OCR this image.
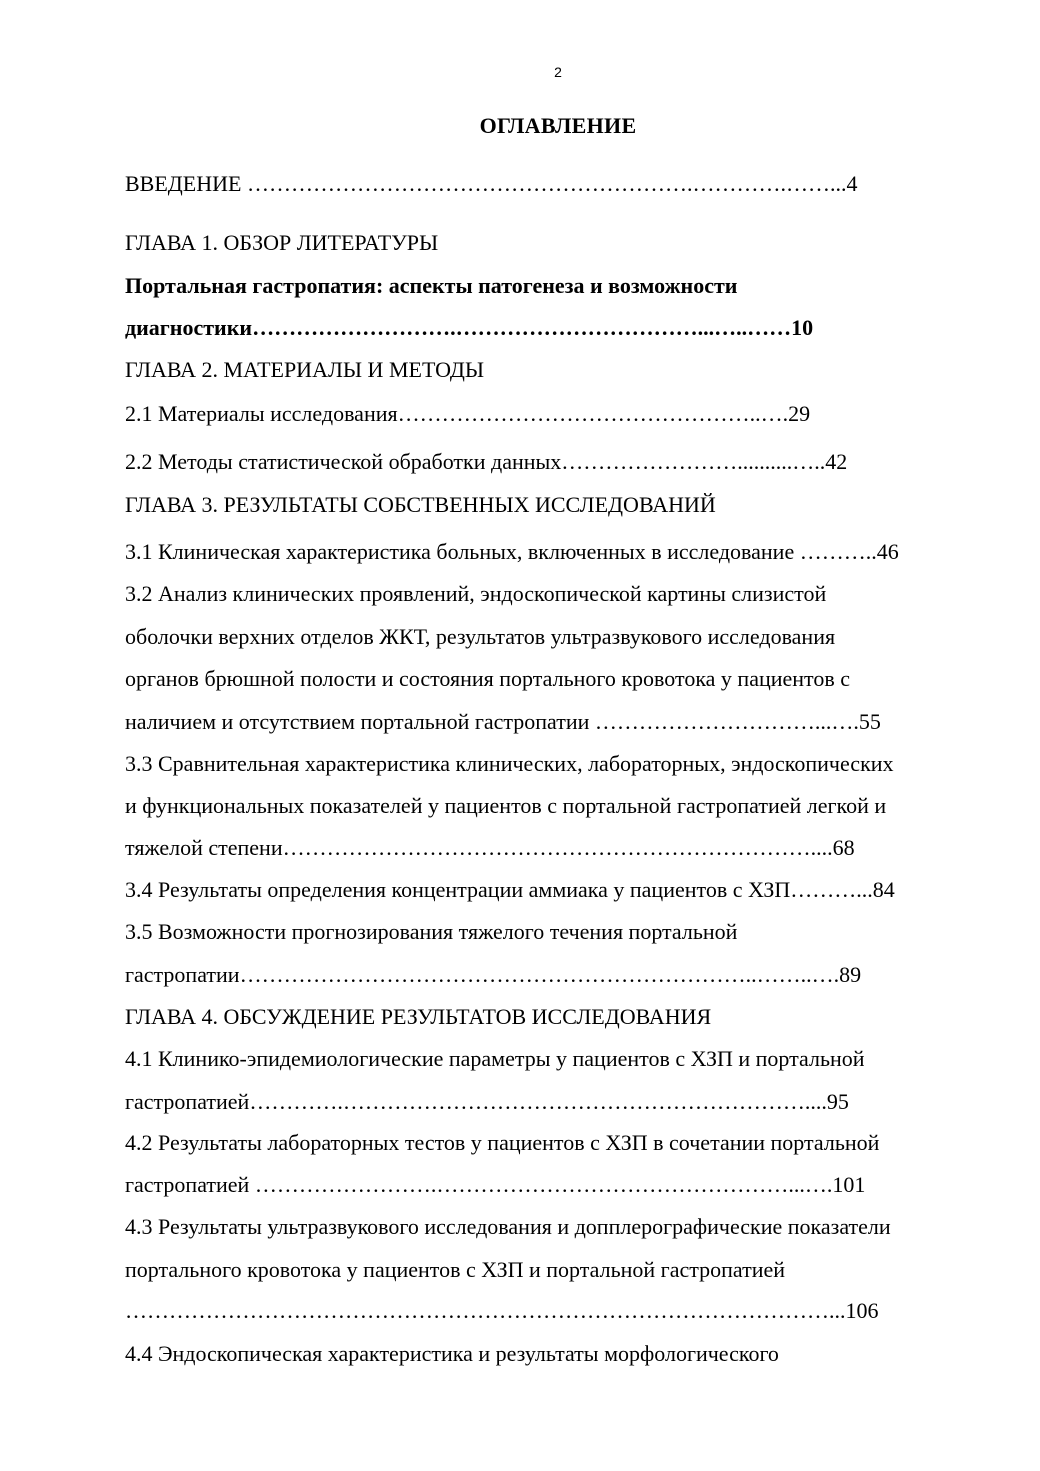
2
ОГЛАВЛЕНИЕ
ВВЕДЕНИЕ …………………………………………………….………….……...4
ГЛАВА 1. ОБЗОР ЛИТЕРАТУРЫ
Портальная гастропатия: аспекты патогенеза и возможности
диагностики……………………….……………………………...…..……10
ГЛАВА 2. МАТЕРИАЛЫ И МЕТОДЫ
2.1 Материалы исследования…………………………………………..….29
2.2 Методы статистической обработки данных……………………..........…..42
ГЛАВА 3. РЕЗУЛЬТАТЫ СОБСТВЕННЫХ ИССЛЕДОВАНИЙ
3.1 Клиническая характеристика больных, включенных в исследование ………..46
3.2 Анализ клинических проявлений, эндоскопической картины слизистой
оболочки верхних отделов ЖКТ, результатов ультразвукового исследования
органов брюшной полости и состояния портального кровотока у пациентов с
наличием и отсутствием портальной гастропатии …………………………...….55
3.3 Сравнительная характеристика клинических, лабораторных, эндоскопических
и функциональных показателей у пациентов с портальной гастропатией легкой и
тяжелой степени………………………………………………………………....68
3.4 Результаты определения концентрации аммиака у пациентов с ХЗП………...84
3.5 Возможности прогнозирования тяжелого течения портальной
гастропатии……………………………………………………………..……..….89
ГЛАВА 4. ОБСУЖДЕНИЕ РЕЗУЛЬТАТОВ ИССЛЕДОВАНИЯ
4.1 Клинико-эпидемиологические параметры у пациентов с ХЗП и портальной
гастропатией………….………………………………………………………....95
4.2 Результаты лабораторных тестов у пациентов с ХЗП в сочетании портальной
гастропатией …………………….…………………………………………...….101
4.3 Результаты ультразвукового исследования и допплерографические показатели
портального кровотока у пациентов с ХЗП и портальной гастропатией
……………………………………………………………………………………...106
4.4 Эндоскопическая характеристика и результаты морфологического
